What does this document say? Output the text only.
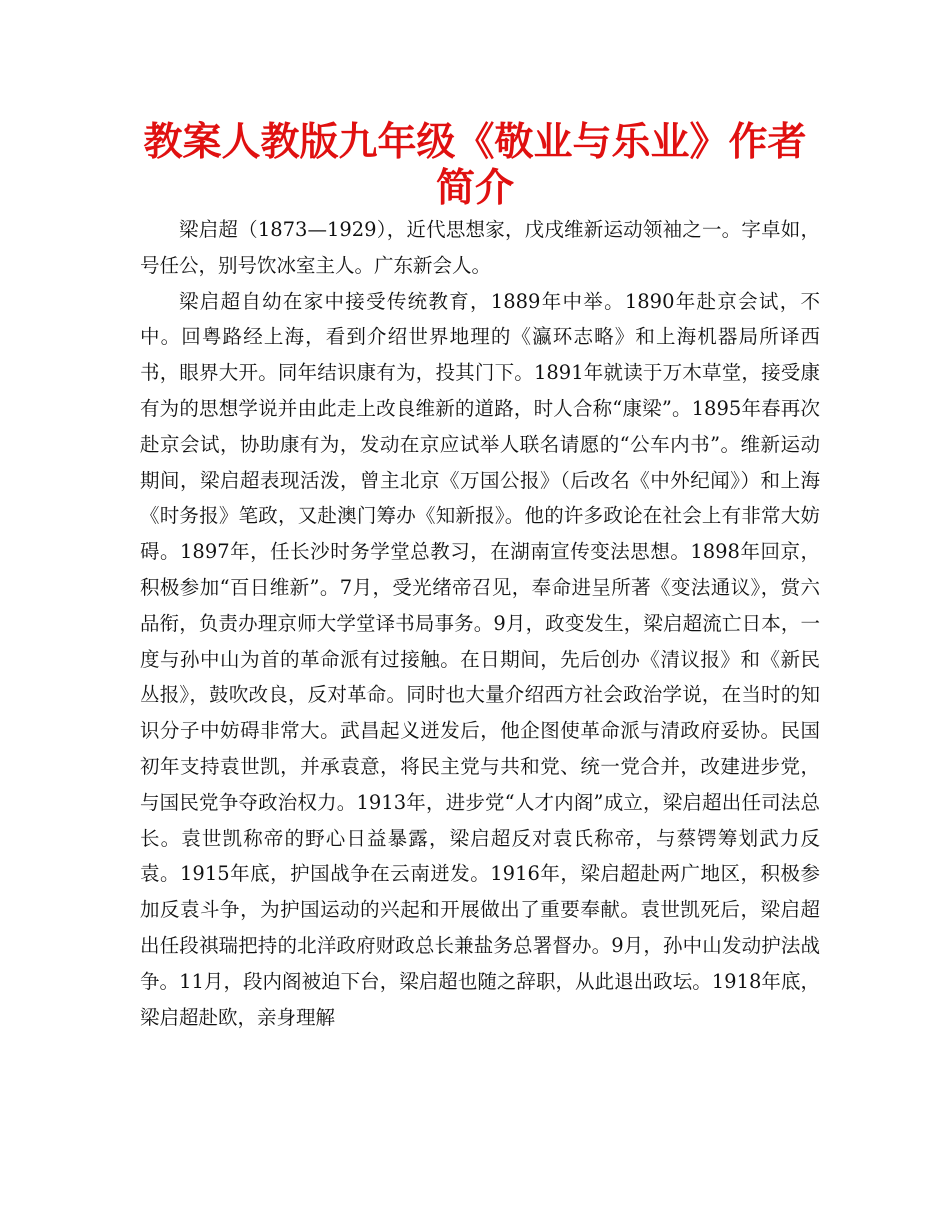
教案人教版九年级《敬业与乐业》作者简介

梁启超（1873—1929），近代思想家，戊戌维新运动领袖之一。字卓如，号任公，别号饮冰室主人。广东新会人。

梁启超自幼在家中接受传统教育，1889年中举。1890年赴京会试，不中。回粤路经上海，看到介绍世界地理的《瀛环志略》和上海机器局所译西书，眼界大开。同年结识康有为，投其门下。1891年就读于万木草堂，接受康有为的思想学说并由此走上改良维新的道路，时人合称“康梁”。1895年春再次赴京会试，协助康有为，发动在京应试举人联名请愿的“公车内书”。维新运动期间，梁启超表现活泼，曾主北京《万国公报》（后改名《中外纪闻》）和上海《时务报》笔政，又赴澳门筹办《知新报》。他的许多政论在社会上有非常大妨碍。1897年，任长沙时务学堂总教习，在湖南宣传变法思想。1898年回京，积极参加“百日维新”。7月，受光绪帝召见，奉命进呈所著《变法通议》，赏六品衔，负责办理京师大学堂译书局事务。9月，政变发生，梁启超流亡日本，一度与孙中山为首的革命派有过接触。在日期间，先后创办《清议报》和《新民丛报》，鼓吹改良，反对革命。同时也大量介绍西方社会政治学说，在当时的知识分子中妨碍非常大。武昌起义迸发后，他企图使革命派与清政府妥协。民国初年支持袁世凯，并承袁意，将民主党与共和党、统一党合并，改建进步党，与国民党争夺政治权力。1913年，进步党“人才内阁”成立，梁启超出任司法总长。袁世凯称帝的野心日益暴露，梁启超反对袁氏称帝，与蔡锷筹划武力反袁。1915年底，护国战争在云南迸发。1916年，梁启超赴两广地区，积极参加反袁斗争，为护国运动的兴起和开展做出了重要奉献。袁世凯死后，梁启超出任段祺瑞把持的北洋政府财政总长兼盐务总署督办。9月，孙中山发动护法战争。11月，段内阁被迫下台，梁启超也随之辞职，从此退出政坛。1918年底，梁启超赴欧，亲身理解
